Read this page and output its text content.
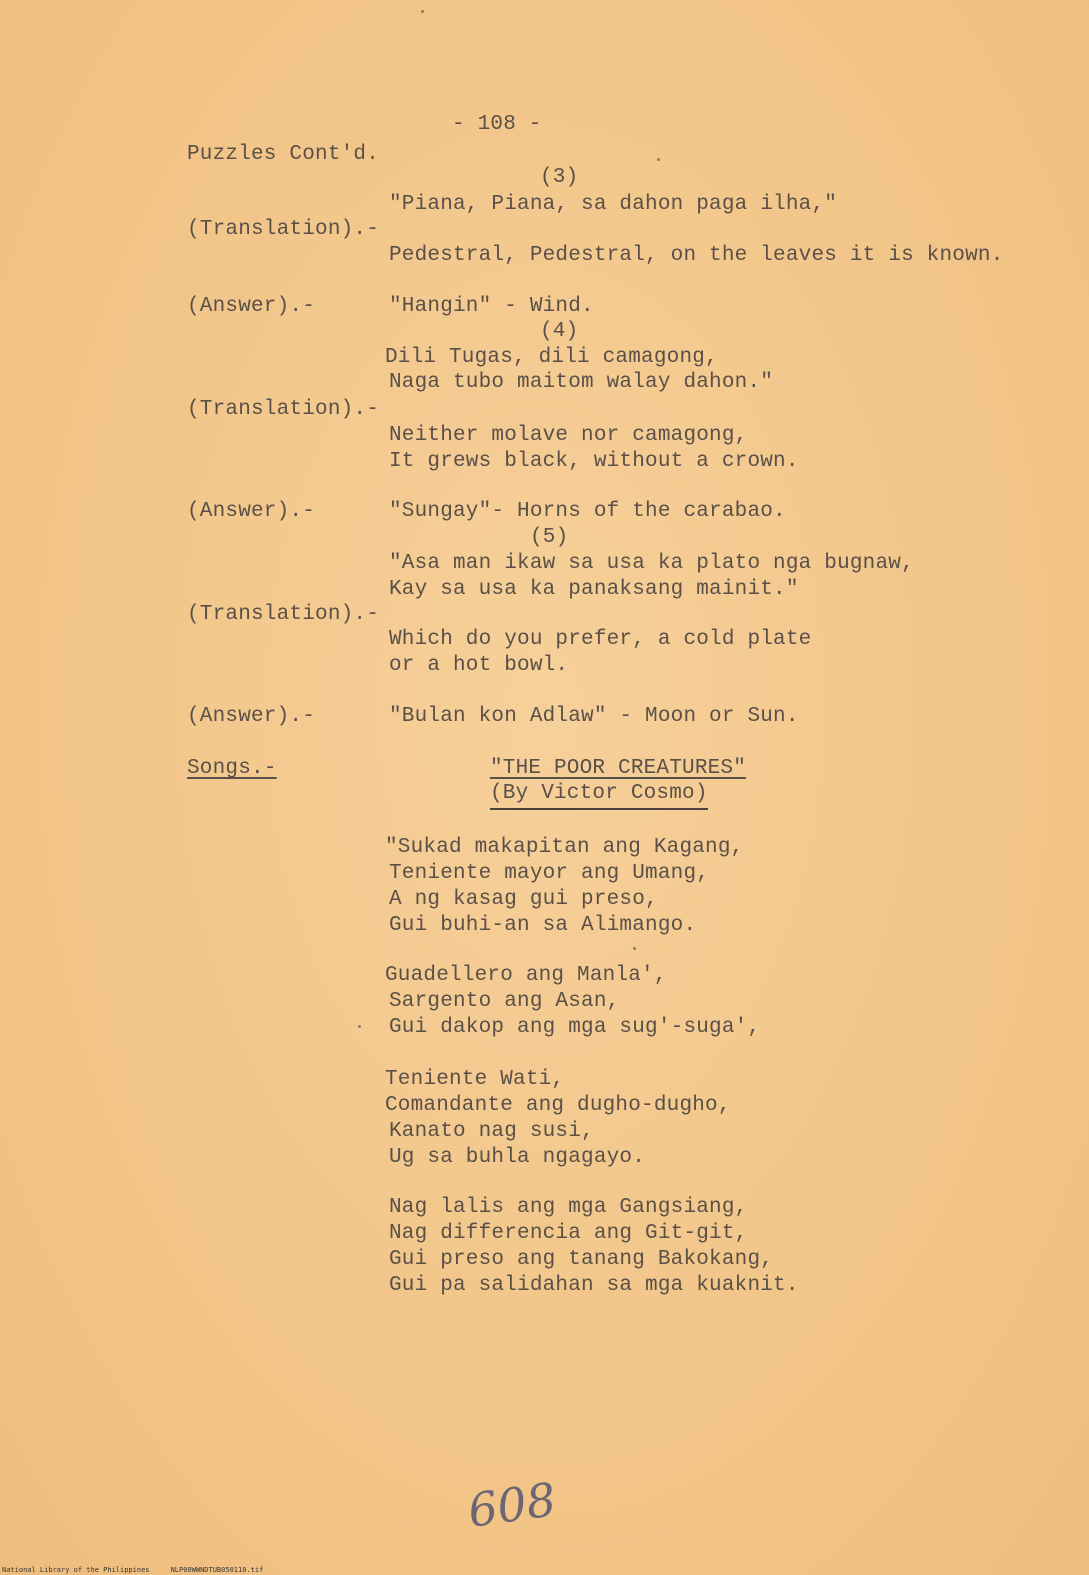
- 108 -

Puzzles Cont'd.

(3)

"Piana, Piana, sa dahon paga ilha,"

(Translation).-

Pedestral, Pedestral, on the leaves it is known.

(Answer).-	"Hangin" - Wind.

(4)

Dili Tugas, dili camagong,

Naga tubo maitom walay dahon."

(Translation).-

Neither molave nor camagong,

It grews black, without a crown.

(Answer).-	"Sungay"- Horns of the carabao.

(5)

"Asa man ikaw sa usa ka plato nga bugnaw,

Kay sa usa ka panaksang mainit."

(Translation).-

Which do you prefer, a cold plate

or a hot bowl.

(Answer).-	"Bulan kon Adlaw" - Moon or Sun.

Songs.-	"THE POOR CREATURES"

(By Victor Cosmo)

"Sukad makapitan ang Kagang,

Teniente mayor ang Umang,

A ng kasag gui preso,

Gui buhi-an sa Alimango.

Guadellero ang Manla',

Sargento ang Asan,

Gui dakop ang mga sug'-suga',

Teniente Wati,

Comandante ang dugho-dugho,

Kanato nag susi,

Ug sa buhla ngagayo.

Nag lalis ang mga Gangsiang,

Nag differencia ang Git-git,

Gui preso ang tanang Bakokang,

Gui pa salidahan sa mga kuaknit.

608
National Library of the Philippines     NLP00WWNDTUB050110.tif
